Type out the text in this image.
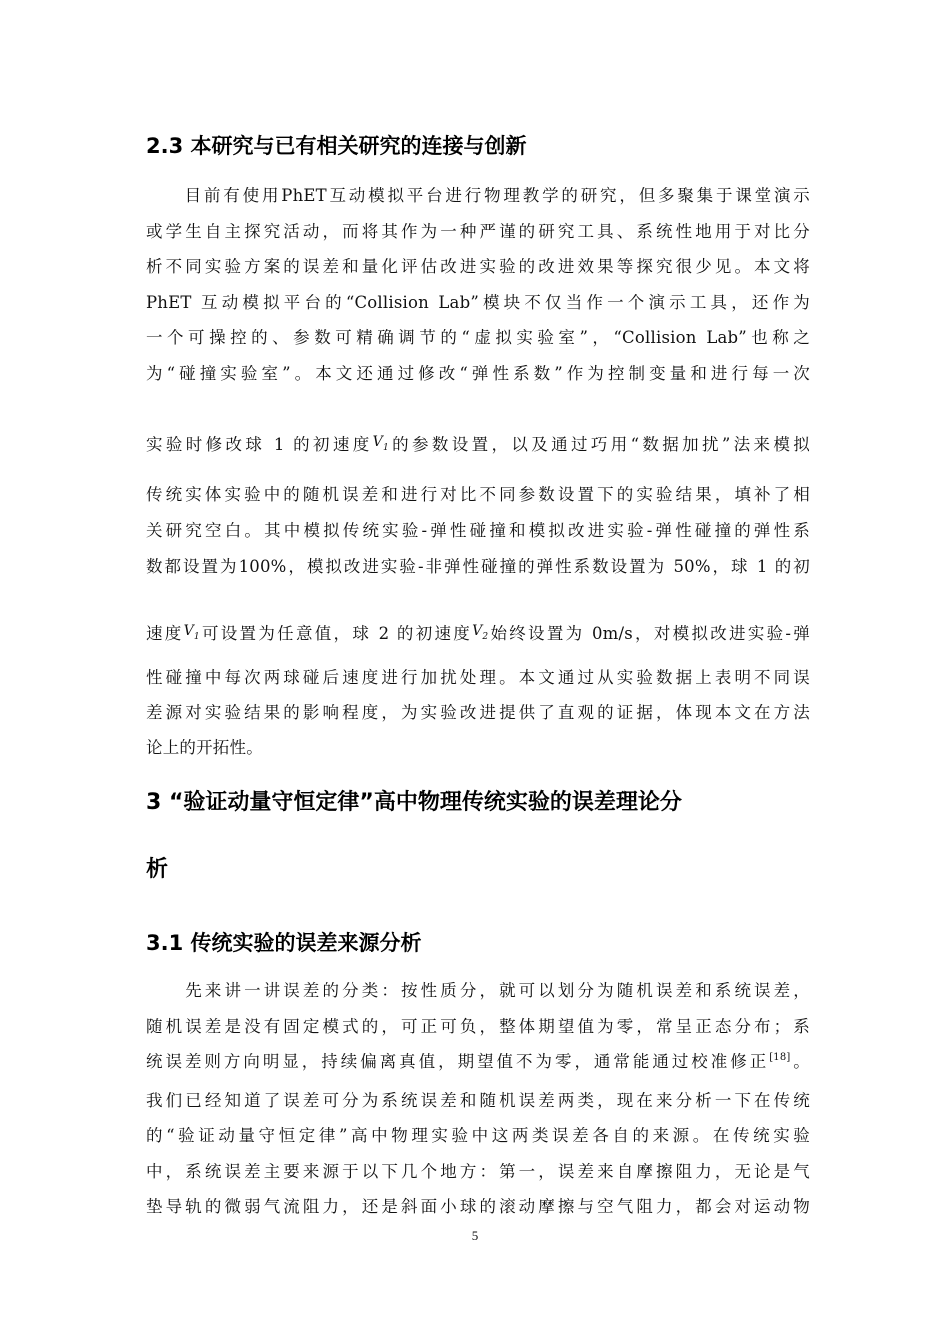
2.3 本研究与已有相关研究的连接与创新
　　目前有使用PhET互动模拟平台进行物理教学的研究，但多聚集于课堂演示
或学生自主探究活动，而将其作为一种严谨的研究工具、系统性地用于对比分
析不同实验方案的误差和量化评估改进实验的改进效果等探究很少见。本文将
PhET 互动模拟平台的“Collision Lab”模块不仅当作一个演示工具，还作为
一个可操控的、参数可精确调节的“虚拟实验室”，“Collision Lab”也称之
为“碰撞实验室”。本文还通过修改“弹性系数”作为控制变量和进行每一次
实验时修改球 1 的初速度$^{V_1}$的参数设置，以及通过巧用“数据加扰”法来模拟
传统实体实验中的随机误差和进行对比不同参数设置下的实验结果，填补了相
关研究空白。其中模拟传统实验-弹性碰撞和模拟改进实验-弹性碰撞的弹性系
数都设置为100%，模拟改进实验-非弹性碰撞的弹性系数设置为 50%，球 1 的初
速度$^{V_1}$可设置为任意值，球 2 的初速度$^{V_2}$始终设置为 0m/s，对模拟改进实验-弹
性碰撞中每次两球碰后速度进行加扰处理。本文通过从实验数据上表明不同误
差源对实验结果的影响程度，为实验改进提供了直观的证据，体现本文在方法
论上的开拓性。
3 “验证动量守恒定律”高中物理传统实验的误差理论分
析
3.1 传统实验的误差来源分析
　　先来讲一讲误差的分类：按性质分，就可以划分为随机误差和系统误差，
随机误差是没有固定模式的，可正可负，整体期望值为零，常呈正态分布；系
统误差则方向明显，持续偏离真值，期望值不为零，通常能通过校准修正[18]。
我们已经知道了误差可分为系统误差和随机误差两类，现在来分析一下在传统
的“验证动量守恒定律”高中物理实验中这两类误差各自的来源。在传统实验
中，系统误差主要来源于以下几个地方：第一，误差来自摩擦阻力，无论是气
垫导轨的微弱气流阻力，还是斜面小球的滚动摩擦与空气阻力，都会对运动物
5
